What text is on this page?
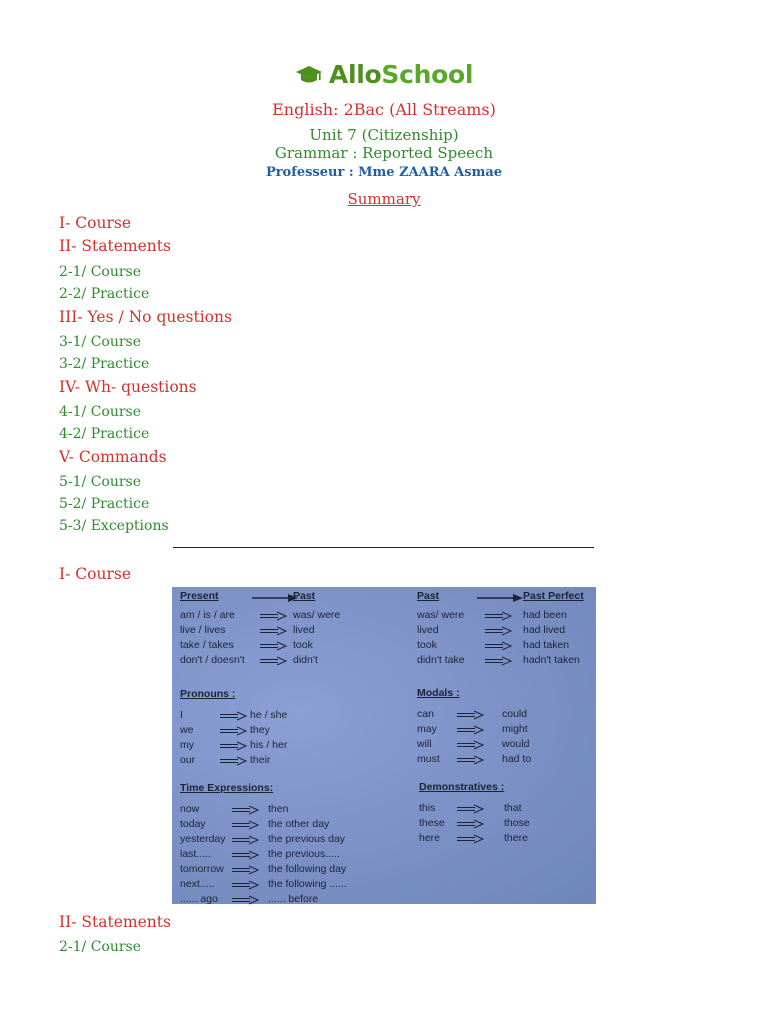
AlloSchool
English: 2Bac (All Streams)
Unit 7 (Citizenship)
Grammar : Reported Speech
Professeur : Mme ZAARA Asmae
Summary
I- Course
II- Statements
2-1/ Course
2-2/ Practice
III- Yes / No questions
3-1/ Course
3-2/ Practice
IV- Wh- questions
4-1/ Course
4-2/ Practice
V- Commands
5-1/ Course
5-2/ Practice
5-3/ Exceptions
I- Course
Present	Past
am / is / are	was/ were
live / lives	lived
take / takes	took
don't / doesn't	didn't
Past	Past Perfect
was/ were	had been
lived	had lived
took	had taken
didn't take	hadn't taken
Pronouns :
I	he / she
we	they
my	his / her
our	their
Modals :
can	could
may	might
will	would
must	had to
Time Expressions:
now	then
today	the other day
yesterday	the previous day
last.....	the previous.....
tomorrow	the following day
next.....	the following ......
...... ago	...... before
Demonstratives :
this	that
these	those
here	there
II- Statements
2-1/ Course
